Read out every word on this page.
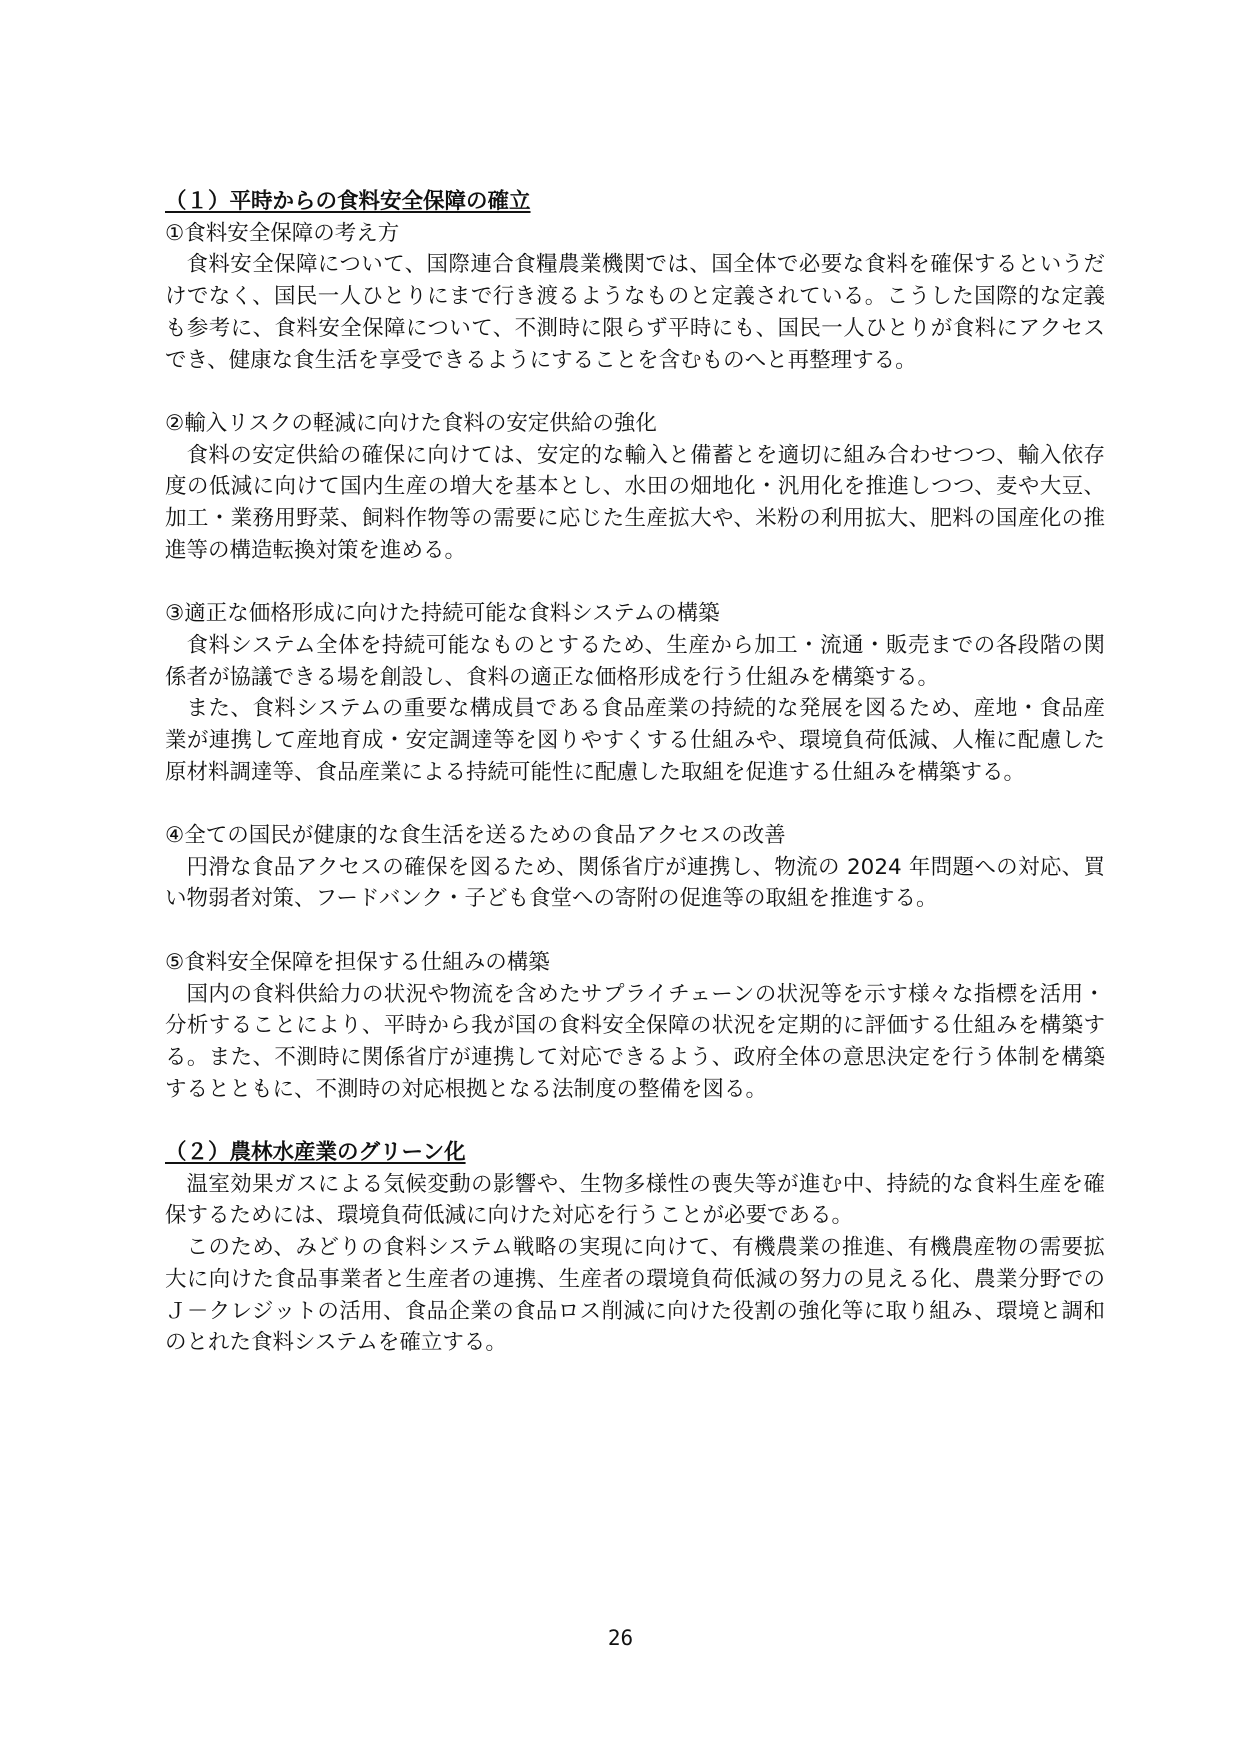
（１）平時からの食料安全保障の確立

①食料安全保障の考え方

食料安全保障について、国際連合食糧農業機関では、国全体で必要な食料を確保するというだけでなく、国民一人ひとりにまで行き渡るようなものと定義されている。こうした国際的な定義も参考に、食料安全保障について、不測時に限らず平時にも、国民一人ひとりが食料にアクセスでき、健康な食生活を享受できるようにすることを含むものへと再整理する。

②輸入リスクの軽減に向けた食料の安定供給の強化

食料の安定供給の確保に向けては、安定的な輸入と備蓄とを適切に組み合わせつつ、輸入依存度の低減に向けて国内生産の増大を基本とし、水田の畑地化・汎用化を推進しつつ、麦や大豆、加工・業務用野菜、飼料作物等の需要に応じた生産拡大や、米粉の利用拡大、肥料の国産化の推進等の構造転換対策を進める。

③適正な価格形成に向けた持続可能な食料システムの構築

食料システム全体を持続可能なものとするため、生産から加工・流通・販売までの各段階の関係者が協議できる場を創設し、食料の適正な価格形成を行う仕組みを構築する。

また、食料システムの重要な構成員である食品産業の持続的な発展を図るため、産地・食品産業が連携して産地育成・安定調達等を図りやすくする仕組みや、環境負荷低減、人権に配慮した原材料調達等、食品産業による持続可能性に配慮した取組を促進する仕組みを構築する。

④全ての国民が健康的な食生活を送るための食品アクセスの改善

円滑な食品アクセスの確保を図るため、関係省庁が連携し、物流の 2024 年問題への対応、買い物弱者対策、フードバンク・子ども食堂への寄附の促進等の取組を推進する。

⑤食料安全保障を担保する仕組みの構築

国内の食料供給力の状況や物流を含めたサプライチェーンの状況等を示す様々な指標を活用・分析することにより、平時から我が国の食料安全保障の状況を定期的に評価する仕組みを構築する。また、不測時に関係省庁が連携して対応できるよう、政府全体の意思決定を行う体制を構築するとともに、不測時の対応根拠となる法制度の整備を図る。

（２）農林水産業のグリーン化

温室効果ガスによる気候変動の影響や、生物多様性の喪失等が進む中、持続的な食料生産を確保するためには、環境負荷低減に向けた対応を行うことが必要である。

このため、みどりの食料システム戦略の実現に向けて、有機農業の推進、有機農産物の需要拡大に向けた食品事業者と生産者の連携、生産者の環境負荷低減の努力の見える化、農業分野でのＪ－クレジットの活用、食品企業の食品ロス削減に向けた役割の強化等に取り組み、環境と調和のとれた食料システムを確立する。

26
